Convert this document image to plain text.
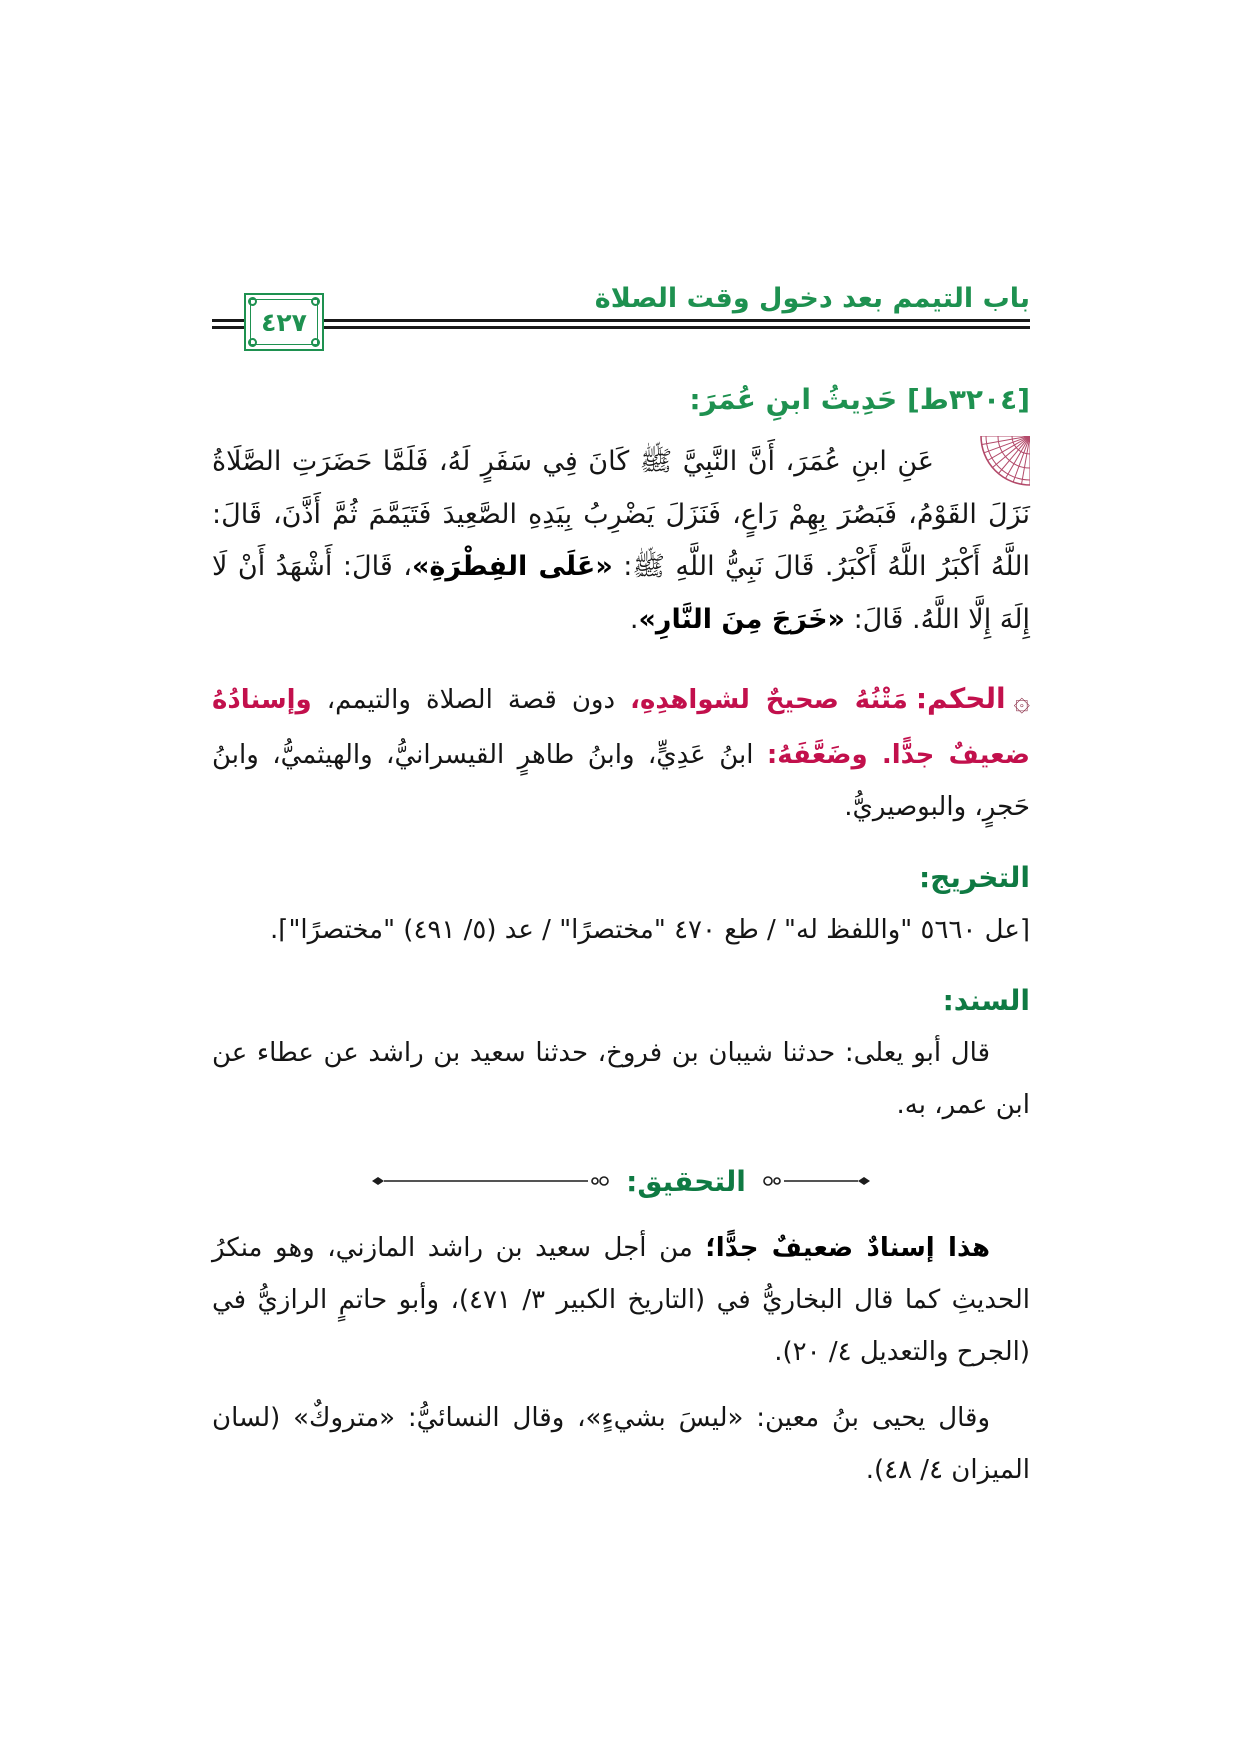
باب التيمم بعد دخول وقت الصلاة
٤٢٧
[٣٢٠٤ط] حَدِيثُ ابنِ عُمَرَ:

عَنِ ابنِ عُمَرَ، أَنَّ النَّبِيَّ ﷺ كَانَ فِي سَفَرٍ لَهُ، فَلَمَّا حَضَرَتِ الصَّلَاةُ نَزَلَ القَوْمُ، فَبَصُرَ بِهِمْ رَاعٍ، فَنَزَلَ يَضْرِبُ بِيَدِهِ الصَّعِيدَ فَتَيَمَّمَ ثُمَّ أَذَّنَ، قَالَ: اللَّهُ أَكْبَرُ اللَّهُ أَكْبَرُ. قَالَ نَبِيُّ اللَّهِ ﷺ: «عَلَى الفِطْرَةِ»، قَالَ: أَشْهَدُ أَنْ لَا إِلَهَ إِلَّا اللَّهُ. قَالَ: «خَرَجَ مِنَ النَّارِ».

۞الحكم:مَتْنُهُ صحيحٌ لشواهدِهِ، دون قصة الصلاة والتيمم، وإسنادُهُ ضعيفٌ جدًّا. وضَعَّفَهُ: ابنُ عَدِيٍّ، وابنُ طاهرٍ القيسرانيُّ، والهيثميُّ، وابنُ حَجرٍ، والبوصيريُّ.

التخريج:

⌈عل ٥٦٦٠ "واللفظ له" / طع ٤٧٠ "مختصرًا" / عد (٥/ ٤٩١) "مختصرًا"⌉.

السند:

قال أبو يعلى: حدثنا شيبان بن فروخ، حدثنا سعيد بن راشد عن عطاء عن ابن عمر، به.

التحقيق:

هذا إسنادٌ ضعيفٌ جدًّا؛ من أجل سعيد بن راشد المازني، وهو منكرُ الحديثِ كما قال البخاريُّ في (التاريخ الكبير ٣/ ٤٧١)، وأبو حاتمٍ الرازيُّ في (الجرح والتعديل ٤/ ٢٠).

وقال يحيى بنُ معين: «ليسَ بشيءٍ»، وقال النسائيُّ: «متروكٌ» (لسان الميزان ٤/ ٤٨).
